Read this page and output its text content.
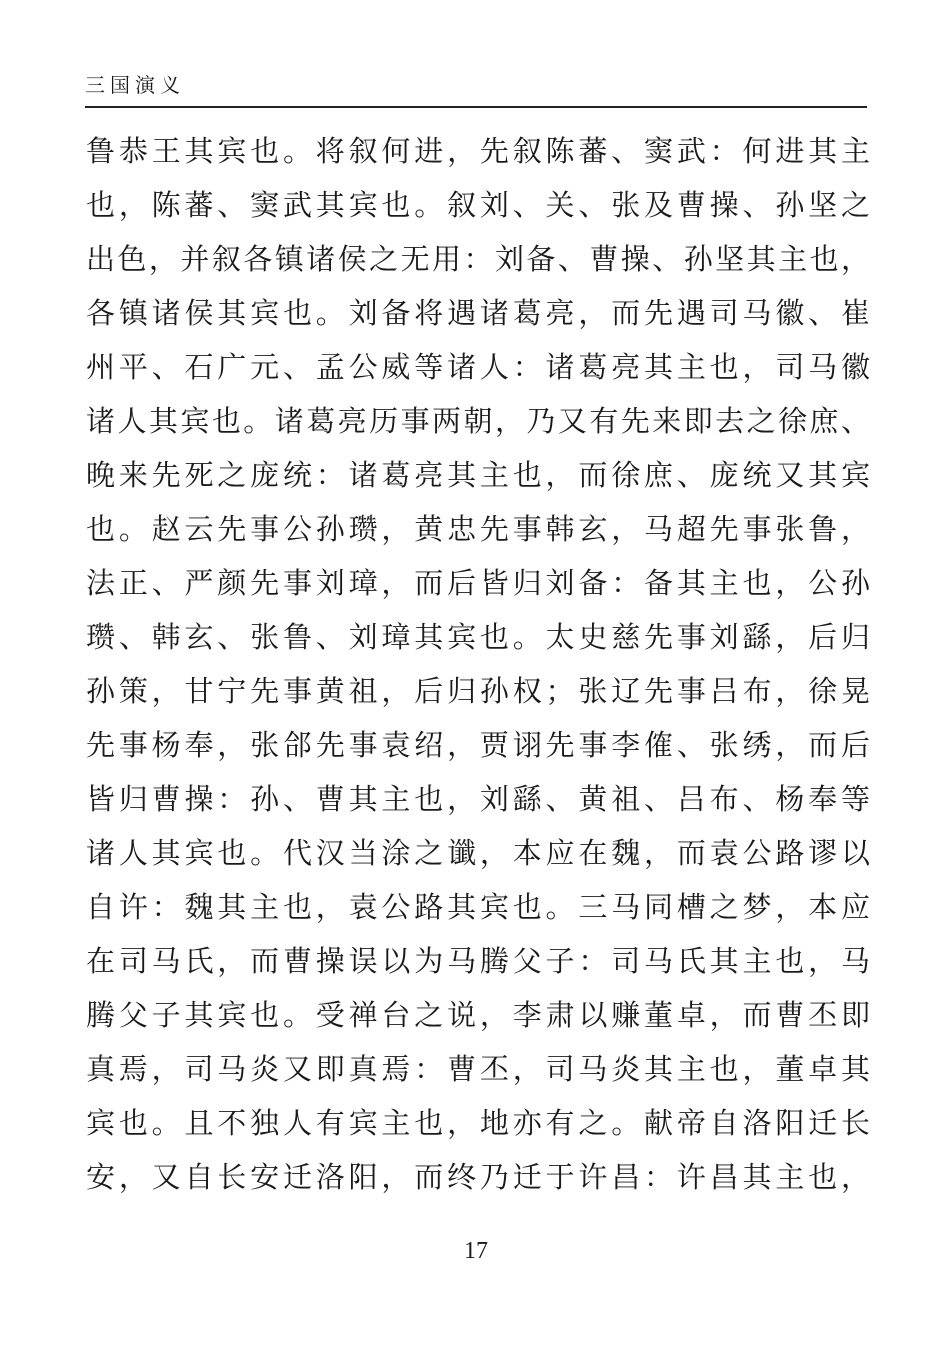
三国演义
鲁恭王其宾也。将叙何进，先叙陈蕃、窦武：何进其主
也，陈蕃、窦武其宾也。叙刘、关、张及曹操、孙坚之
出色，并叙各镇诸侯之无用：刘备、曹操、孙坚其主也，
各镇诸侯其宾也。刘备将遇诸葛亮，而先遇司马徽、崔
州平、石广元、孟公威等诸人：诸葛亮其主也，司马徽
诸人其宾也。诸葛亮历事两朝，乃又有先来即去之徐庶、
晚来先死之庞统：诸葛亮其主也，而徐庶、庞统又其宾
也。赵云先事公孙瓒，黄忠先事韩玄，马超先事张鲁，
法正、严颜先事刘璋，而后皆归刘备：备其主也，公孙
瓒、韩玄、张鲁、刘璋其宾也。太史慈先事刘繇，后归
孙策，甘宁先事黄祖，后归孙权；张辽先事吕布，徐晃
先事杨奉，张郃先事袁绍，贾诩先事李傕、张绣，而后
皆归曹操：孙、曹其主也，刘繇、黄祖、吕布、杨奉等
诸人其宾也。代汉当涂之谶，本应在魏，而袁公路谬以
自许：魏其主也，袁公路其宾也。三马同槽之梦，本应
在司马氏，而曹操误以为马腾父子：司马氏其主也，马
腾父子其宾也。受禅台之说，李肃以赚董卓，而曹丕即
真焉，司马炎又即真焉：曹丕，司马炎其主也，董卓其
宾也。且不独人有宾主也，地亦有之。献帝自洛阳迁长
安，又自长安迁洛阳，而终乃迁于许昌：许昌其主也，
17
